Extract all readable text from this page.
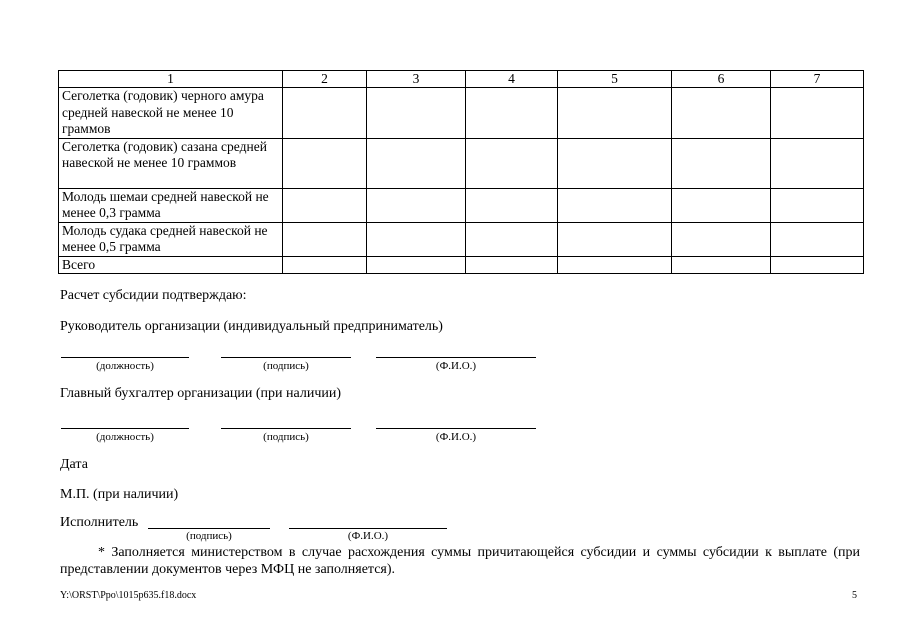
1	2	3	4	5	6	7
Сеголетка (годовик) черного амура средней навеской не менее 10 граммов						
Сеголетка (годовик) сазана средней навеской не менее 10 граммов						
Молодь шемаи средней навеской не менее 0,3 грамма						
Молодь судака средней навеской не менее 0,5 грамма						
Всего						
Расчет субсидии подтверждаю:
Руководитель организации (индивидуальный предприниматель)
(должность)	(подпись)	(Ф.И.О.)
Главный бухгалтер организации (при наличии)
(должность)	(подпись)	(Ф.И.О.)
Дата
М.П. (при наличии)
Исполнитель
(подпись)	(Ф.И.О.)
* Заполняется министерством в случае расхождения суммы причитающейся субсидии и суммы субсидии к выплате (при представлении документов через МФЦ не заполняется).
Y:\ORST\Ppo\1015p635.f18.docx	5
